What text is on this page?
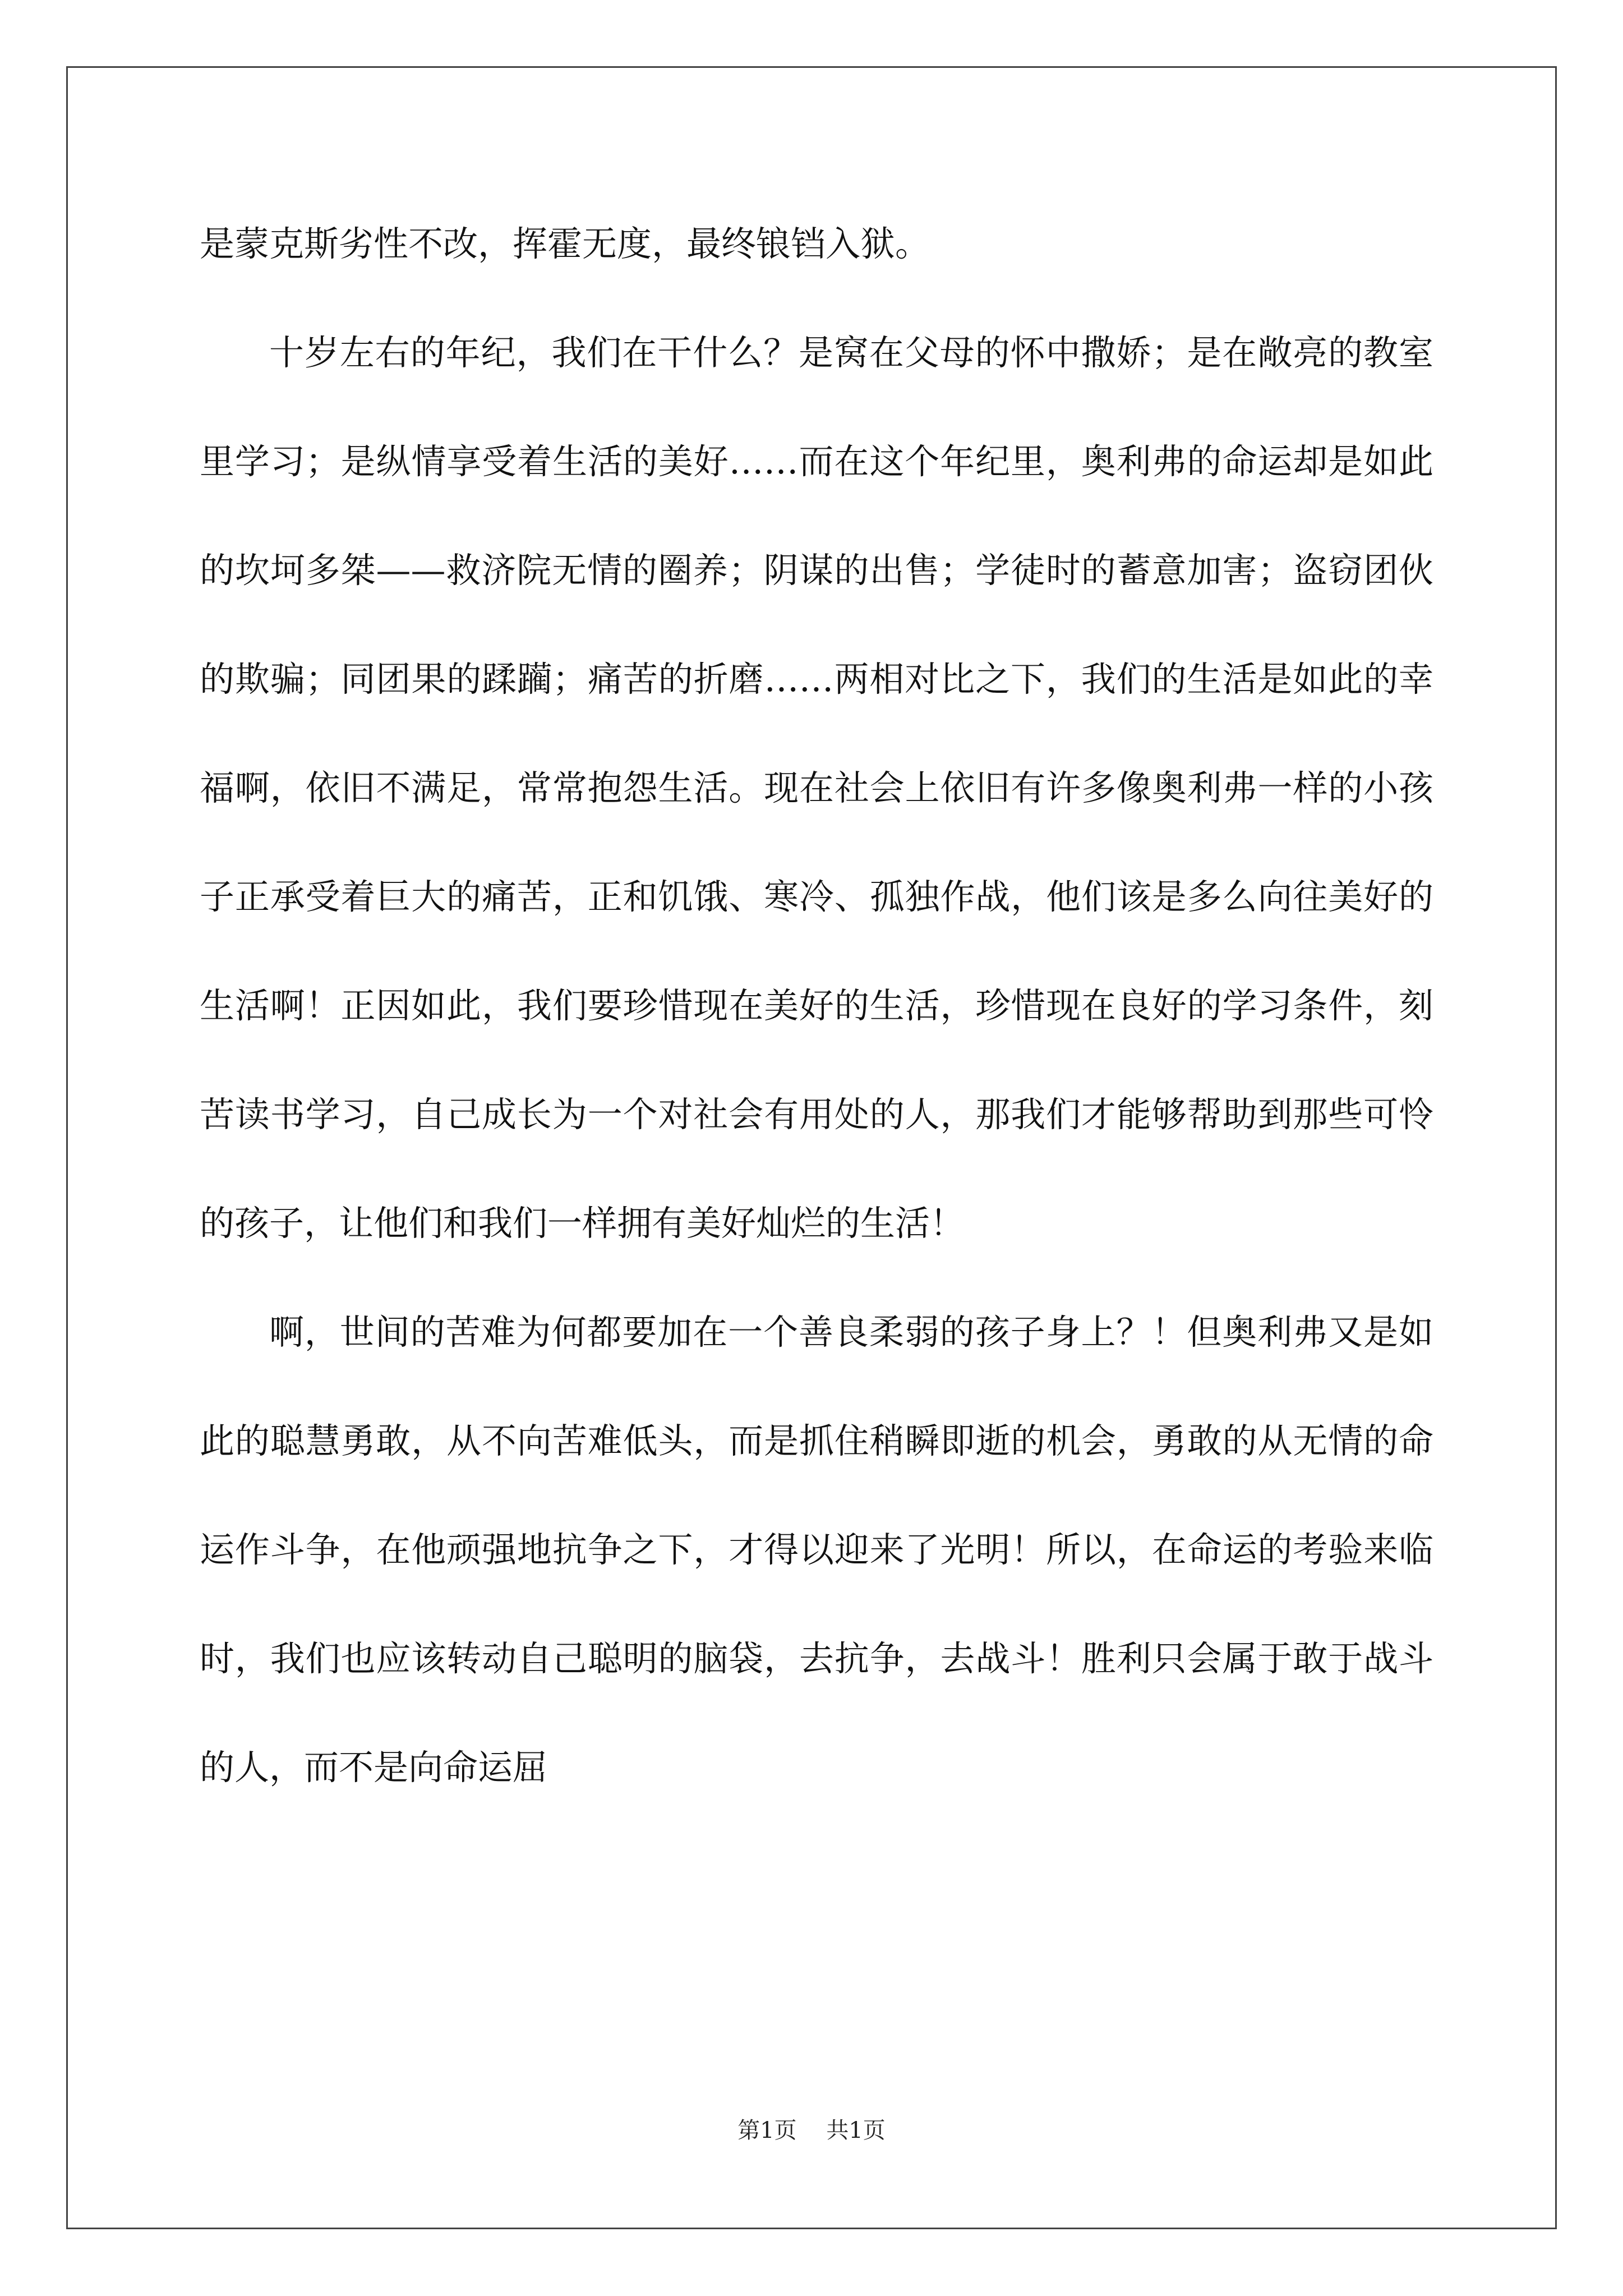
是蒙克斯劣性不改，挥霍无度，最终锒铛入狱。

十岁左右的年纪，我们在干什么？是窝在父母的怀中撒娇；是在敞亮的教室里学习；是纵情享受着生活的美好……而在这个年纪里，奥利弗的命运却是如此的坎坷多桀——救济院无情的圈养；阴谋的出售；学徒时的蓄意加害；盗窃团伙的欺骗；同团果的蹂躏；痛苦的折磨……两相对比之下，我们的生活是如此的幸福啊，依旧不满足，常常抱怨生活。现在社会上依旧有许多像奥利弗一样的小孩子正承受着巨大的痛苦，正和饥饿、寒冷、孤独作战，他们该是多么向往美好的生活啊！正因如此，我们要珍惜现在美好的生活，珍惜现在良好的学习条件，刻苦读书学习，自己成长为一个对社会有用处的人，那我们才能够帮助到那些可怜的孩子，让他们和我们一样拥有美好灿烂的生活！

啊，世间的苦难为何都要加在一个善良柔弱的孩子身上？！但奥利弗又是如此的聪慧勇敢，从不向苦难低头，而是抓住稍瞬即逝的机会，勇敢的从无情的命运作斗争，在他顽强地抗争之下，才得以迎来了光明！所以，在命运的考验来临时，我们也应该转动自己聪明的脑袋，去抗争，去战斗！胜利只会属于敢于战斗的人，而不是向命运屈

第1页 共1页
